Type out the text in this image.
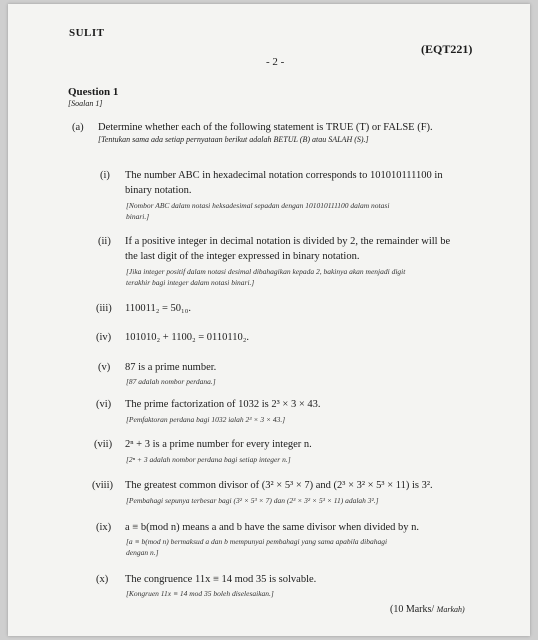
SULIT
(EQT221)
- 2 -
Question 1
[Soalan 1]
(a) Determine whether each of the following statement is TRUE (T) or FALSE (F).
[Tentukan sama ada setiap pernyataan berikut adalah BETUL (B) atau SALAH (S).]
(i) The number ABC in hexadecimal notation corresponds to 101010111100 in
binary notation.
[Nombor ABC dalam notasi heksadesimal sepadan dengan 101010111100 dalam notasi
binari.]
(ii) If a positive integer in decimal notation is divided by 2, the remainder will be
the last digit of the integer expressed in binary notation.
[Jika integer positif dalam notasi desimal dibahagikan kepada 2, bakinya akan menjadi digit
terakhir bagi integer dalam notasi binari.]
(iii) 110011₂ = 50₁₀.
(iv) 101010₂ + 1100₂ = 0110110₂.
(v) 87 is a prime number.
[87 adalah nombor perdana.]
(vi) The prime factorization of 1032 is 2³ × 3 × 43.
[Pemfaktoran perdana bagi 1032 ialah 2³ × 3 × 43.]
(vii) 2ⁿ + 3 is a prime number for every integer n.
[2ⁿ + 3 adalah nombor perdana bagi setiap integer n.]
(viii) The greatest common divisor of (3² × 5³ × 7) and (2³ × 3² × 5³ × 11) is 3².
[Pembahagi sepunya terbesar bagi (3² × 5³ × 7) dan (2³ × 3² × 5³ × 11) adalah 3².]
(ix) a ≡ b(mod n) means a and b have the same divisor when divided by n.
[a ≡ b(mod n) bermaksud a dan b mempunyai pembahagi yang sama apabila dibahagi
dengan n.]
(x) The congruence 11x ≡ 14 mod 35 is solvable.
[Kongruen 11x ≡ 14 mod 35 boleh diselesaikan.]
(10 Marks/ Markah)
